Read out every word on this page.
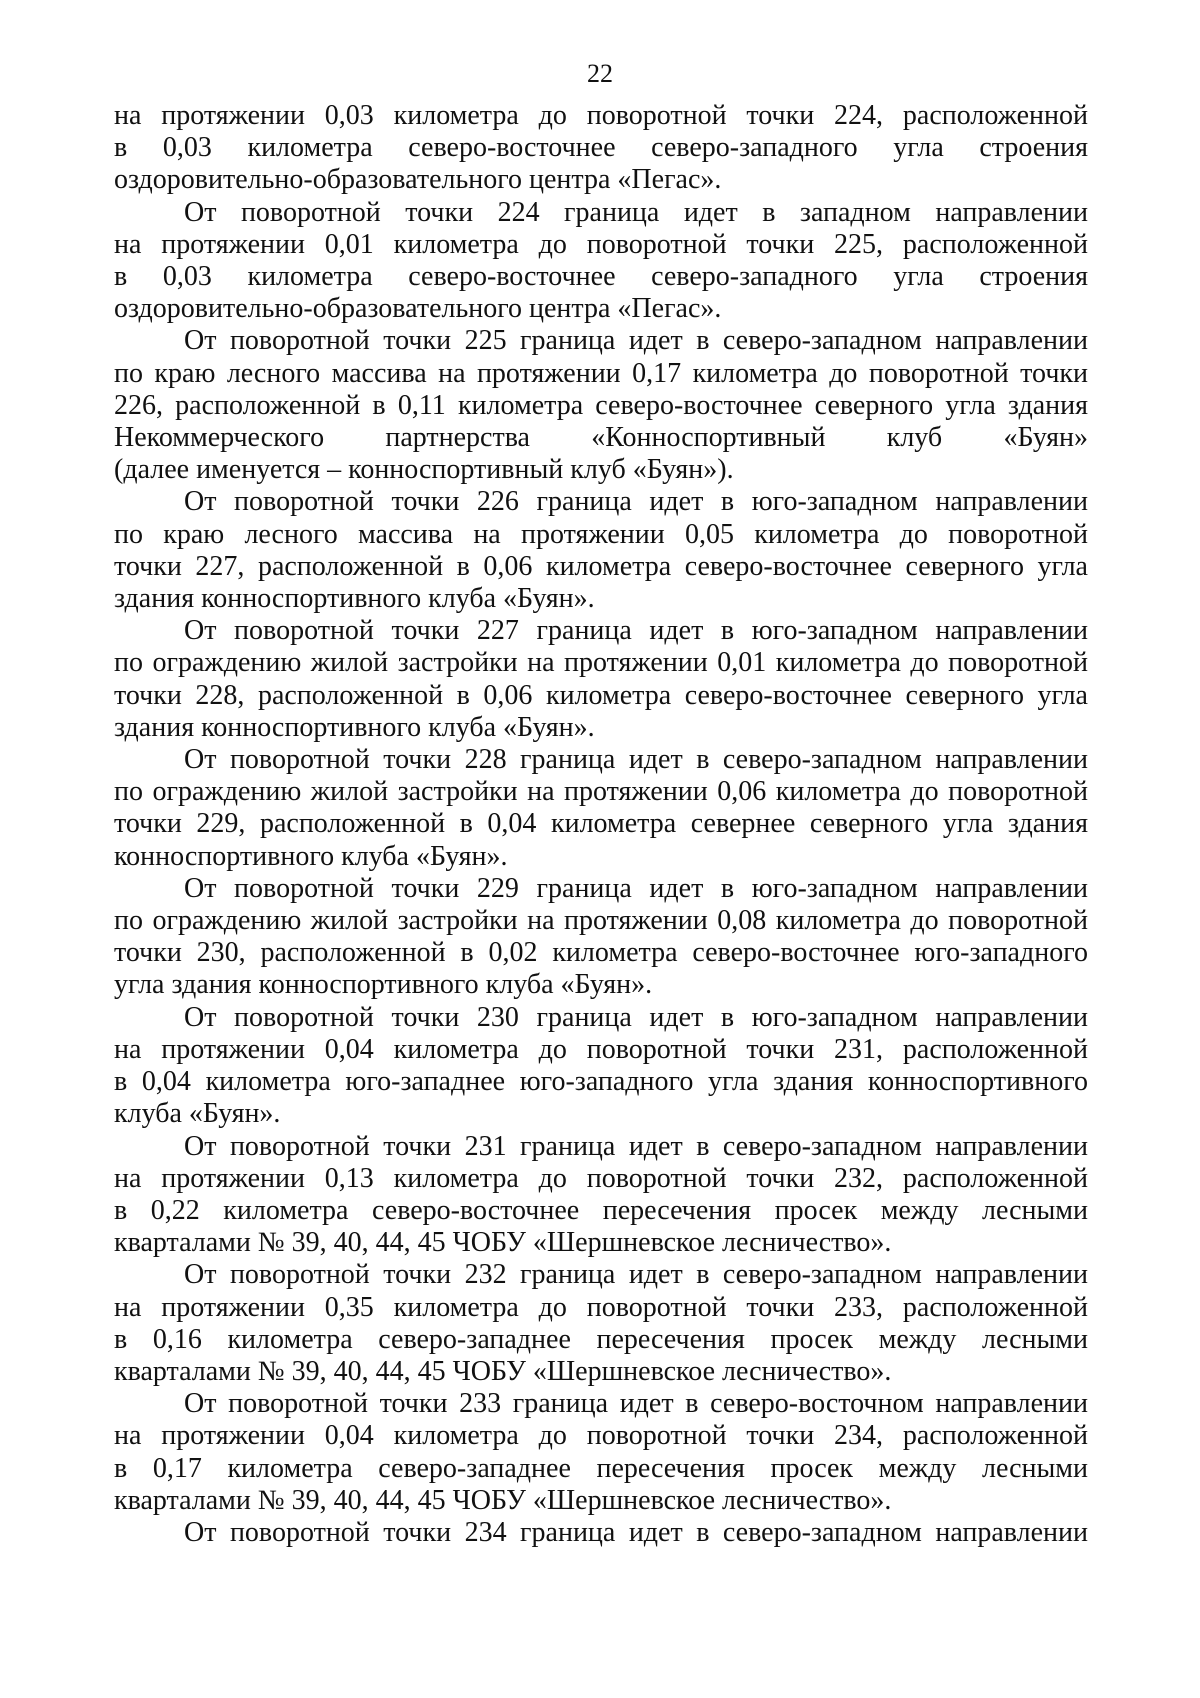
22
на протяжении 0,03 километра до поворотной точки 224, расположенной
в 0,03 километра северо-восточнее северо-западного угла строения
оздоровительно-образовательного центра «Пегас».
От поворотной точки 224 граница идет в западном направлении
на протяжении 0,01 километра до поворотной точки 225, расположенной
в 0,03 километра северо-восточнее северо-западного угла строения
оздоровительно-образовательного центра «Пегас».
От поворотной точки 225 граница идет в северо-западном направлении
по краю лесного массива на протяжении 0,17 километра до поворотной точки
226, расположенной в 0,11 километра северо-восточнее северного угла здания
Некоммерческого партнерства «Конноспортивный клуб «Буян»
(далее именуется – конноспортивный клуб «Буян»).
От поворотной точки 226 граница идет в юго-западном направлении
по краю лесного массива на протяжении 0,05 километра до поворотной
точки 227, расположенной в 0,06 километра северо-восточнее северного угла
здания конноспортивного клуба «Буян».
От поворотной точки 227 граница идет в юго-западном направлении
по ограждению жилой застройки на протяжении 0,01 километра до поворотной
точки 228, расположенной в 0,06 километра северо-восточнее северного угла
здания конноспортивного клуба «Буян».
От поворотной точки 228 граница идет в северо-западном направлении
по ограждению жилой застройки на протяжении 0,06 километра до поворотной
точки 229, расположенной в 0,04 километра севернее северного угла здания
конноспортивного клуба «Буян».
От поворотной точки 229 граница идет в юго-западном направлении
по ограждению жилой застройки на протяжении 0,08 километра до поворотной
точки 230, расположенной в 0,02 километра северо-восточнее юго-западного
угла здания конноспортивного клуба «Буян».
От поворотной точки 230 граница идет в юго-западном направлении
на протяжении 0,04 километра до поворотной точки 231, расположенной
в 0,04 километра юго-западнее юго-западного угла здания конноспортивного
клуба «Буян».
От поворотной точки 231 граница идет в северо-западном направлении
на протяжении 0,13 километра до поворотной точки 232, расположенной
в 0,22 километра северо-восточнее пересечения просек между лесными
кварталами № 39, 40, 44, 45 ЧОБУ «Шершневское лесничество».
От поворотной точки 232 граница идет в северо-западном направлении
на протяжении 0,35 километра до поворотной точки 233, расположенной
в 0,16 километра северо-западнее пересечения просек между лесными
кварталами № 39, 40, 44, 45 ЧОБУ «Шершневское лесничество».
От поворотной точки 233 граница идет в северо-восточном направлении
на протяжении 0,04 километра до поворотной точки 234, расположенной
в 0,17 километра северо-западнее пересечения просек между лесными
кварталами № 39, 40, 44, 45 ЧОБУ «Шершневское лесничество».
От поворотной точки 234 граница идет в северо-западном направлении
